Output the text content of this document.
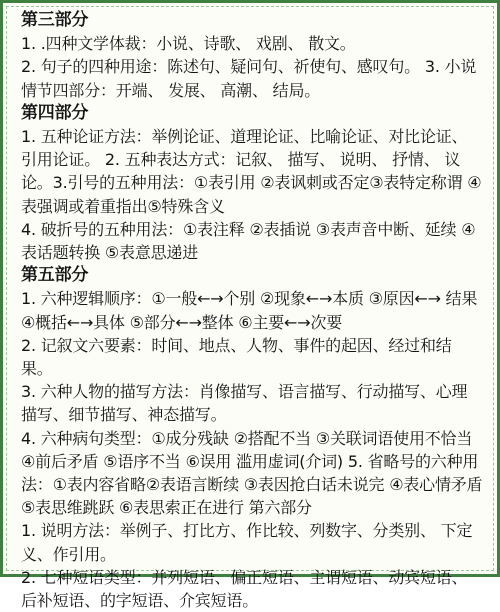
第三部分
1. .四种文学体裁：小说、诗歌、 戏剧、 散文。
2. 句子的四种用途：陈述句、疑问句、祈使句、感叹句。 3. 小说情节四部分：开端、 发展、 高潮、 结局。
第四部分
1. 五种论证方法：举例论证、道理论证、比喻论证、对比论证、引用论证。 2. 五种表达方式：记叙、 描写、 说明、 抒情、 议论。3.引号的五种用法：①表引用 ②表讽刺或否定③表特定称谓 ④表强调或着重指出⑤特殊含义
4. 破折号的五种用法：①表注释 ②表插说 ③表声音中断、延续 ④表话题转换 ⑤表意思递进
第五部分
1. 六种逻辑顺序：①一般←→个别 ②现象←→本质 ③原因←→ 结果④概括←→具体 ⑤部分←→整体 ⑥主要←→次要
2. 记叙文六要素：时间、地点、人物、事件的起因、经过和结果。
3. 六种人物的描写方法：肖像描写、语言描写、行动描写、心理描写、细节描写、神态描写。
4. 六种病句类型：①成分残缺 ②搭配不当 ③关联词语使用不恰当 ④前后矛盾 ⑤语序不当 ⑥误用 滥用虚词(介词) 5. 省略号的六种用法：①表内容省略②表语言断续 ③表因抢白话未说完 ④表心情矛盾 ⑤表思维跳跃 ⑥表思索正在进行 第六部分
1. 说明方法：举例子、打比方、作比较、列数字、分类别、 下定义、作引用。
2. 七种短语类型：并列短语、偏正短语、主谓短语、动宾短语、后补短语、的字短语、介宾短语。
